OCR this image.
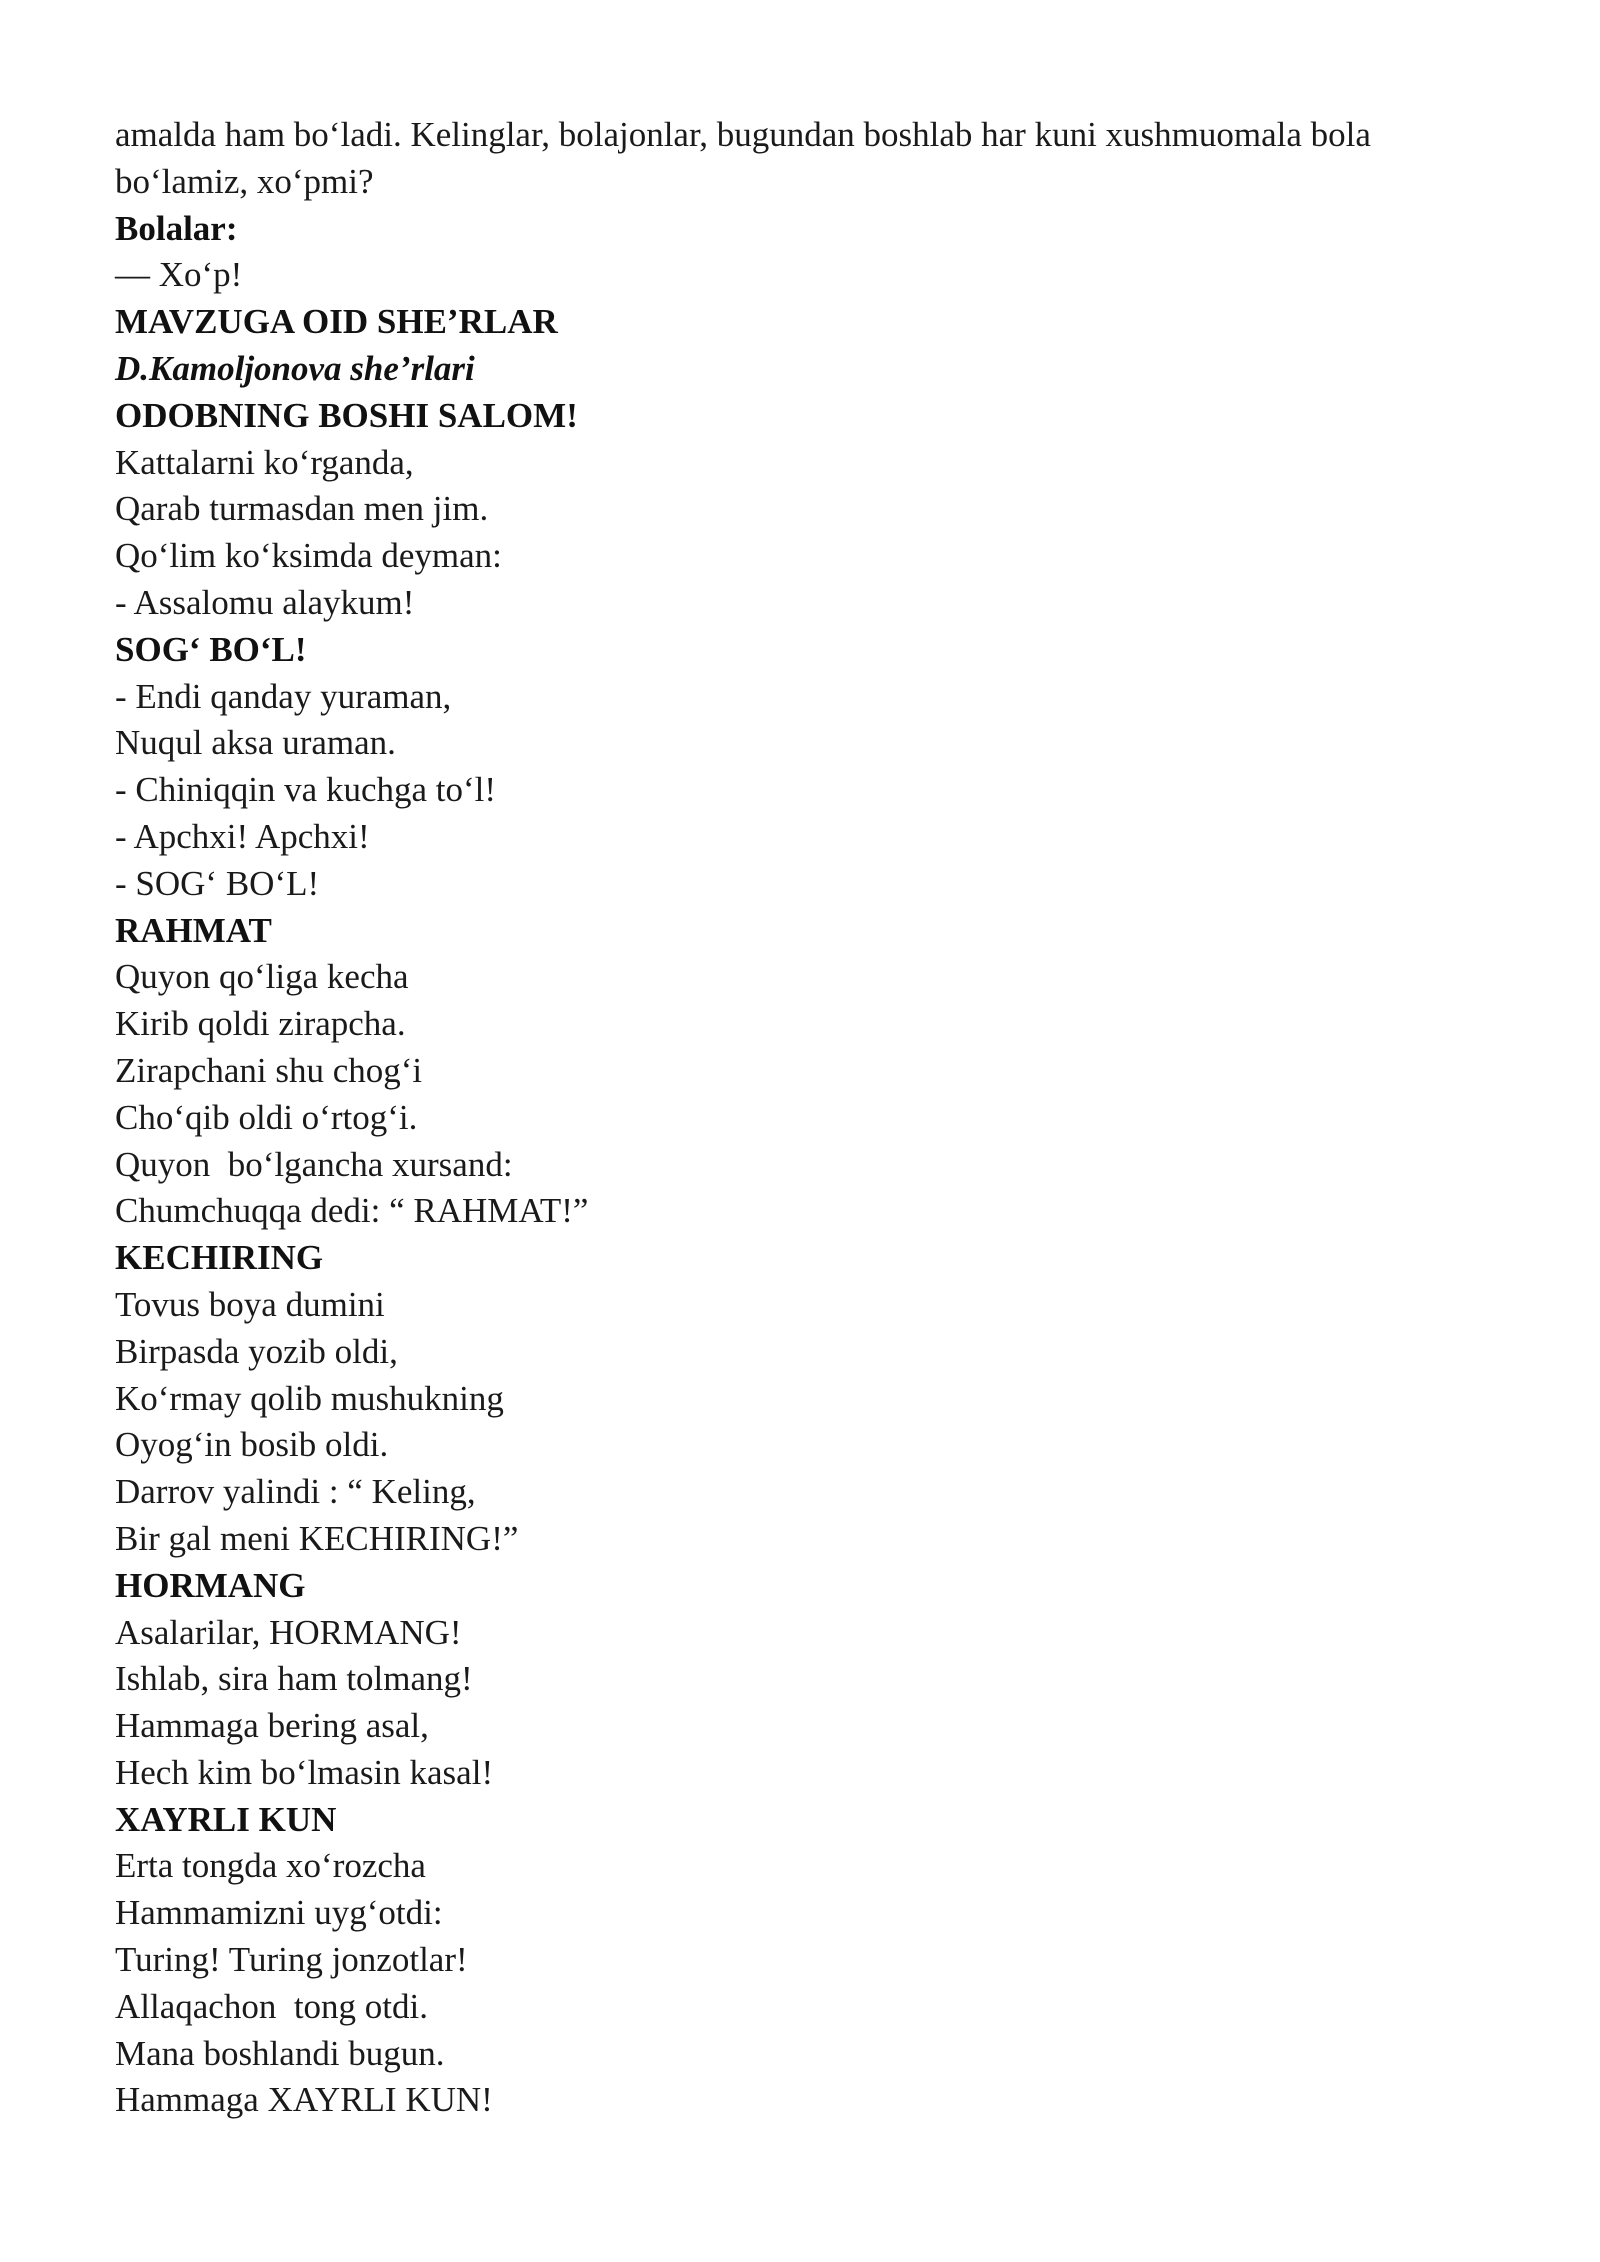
amalda ham bo‘ladi. Kelinglar, bolajonlar, bugundan boshlab har kuni xushmuomala bola

bo‘lamiz, xo‘pmi?

Bolalar:

— Xo‘p!

MAVZUGA OID SHE’RLAR

D.Kamoljonova she’rlari

ODOBNING BOSHI SALOM!

Kattalarni ko‘rganda,

Qarab turmasdan men jim.

Qo‘lim ko‘ksimda deyman:

- Assalomu alaykum!

SOG‘ BO‘L!

- Endi qanday yuraman,

Nuqul aksa uraman.

- Chiniqqin va kuchga to‘l!

- Apchxi! Apchxi!

- SOG‘ BO‘L!

RAHMAT

Quyon qo‘liga kecha

Kirib qoldi zirapcha.

Zirapchani shu chog‘i

Cho‘qib oldi o‘rtog‘i.

Quyon  bo‘lgancha xursand:

Chumchuqqa dedi: “ RAHMAT!”

KECHIRING

Tovus boya dumini

Birpasda yozib oldi,

Ko‘rmay qolib mushukning

Oyog‘in bosib oldi.

Darrov yalindi : “ Keling,

Bir gal meni KECHIRING!”

HORMANG

Asalarilar, HORMANG!

Ishlab, sira ham tolmang!

Hammaga bering asal,

Hech kim bo‘lmasin kasal!

XAYRLI KUN

Erta tongda xo‘rozcha

Hammamizni uyg‘otdi:

Turing! Turing jonzotlar!

Allaqachon  tong otdi.

Mana boshlandi bugun.

Hammaga XAYRLI KUN!
